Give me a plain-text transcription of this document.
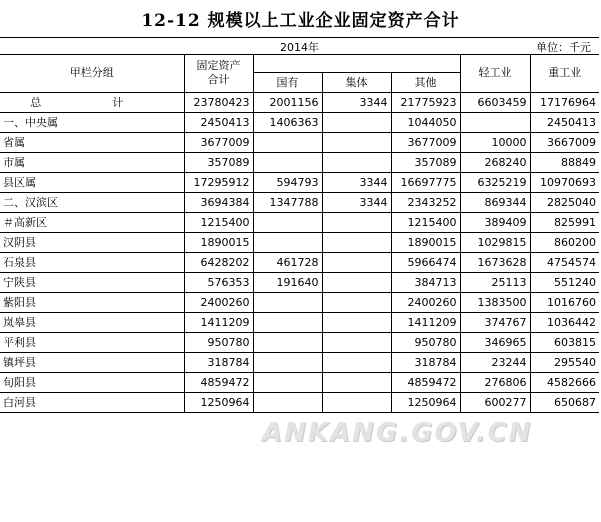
12-12 规模以上工业企业固定资产合计
2014年	单位：千元
甲栏分组	固定资产
合计				轻工业	重工业
		国有	集体	其他		
总　计	23780423	2001156	3344	21775923	6603459	17176964
一、中央属	2450413	1406363		1044050		2450413
省属	3677009			3677009	10000	3667009
市属	357089			357089	268240	88849
县区属	17295912	594793	3344	16697775	6325219	10970693
二、汉滨区	3694384	1347788	3344	2343252	869344	2825040
＃高新区	1215400			1215400	389409	825991
汉阴县	1890015			1890015	1029815	860200
石泉县	6428202	461728		5966474	1673628	4754574
宁陕县	576353	191640		384713	25113	551240
紫阳县	2400260			2400260	1383500	1016760
岚皋县	1411209			1411209	374767	1036442
平利县	950780			950780	346965	603815
镇坪县	318784			318784	23244	295540
旬阳县	4859472			4859472	276806	4582666
白河县	1250964			1250964	600277	650687
ANKANG.GOV.CN
